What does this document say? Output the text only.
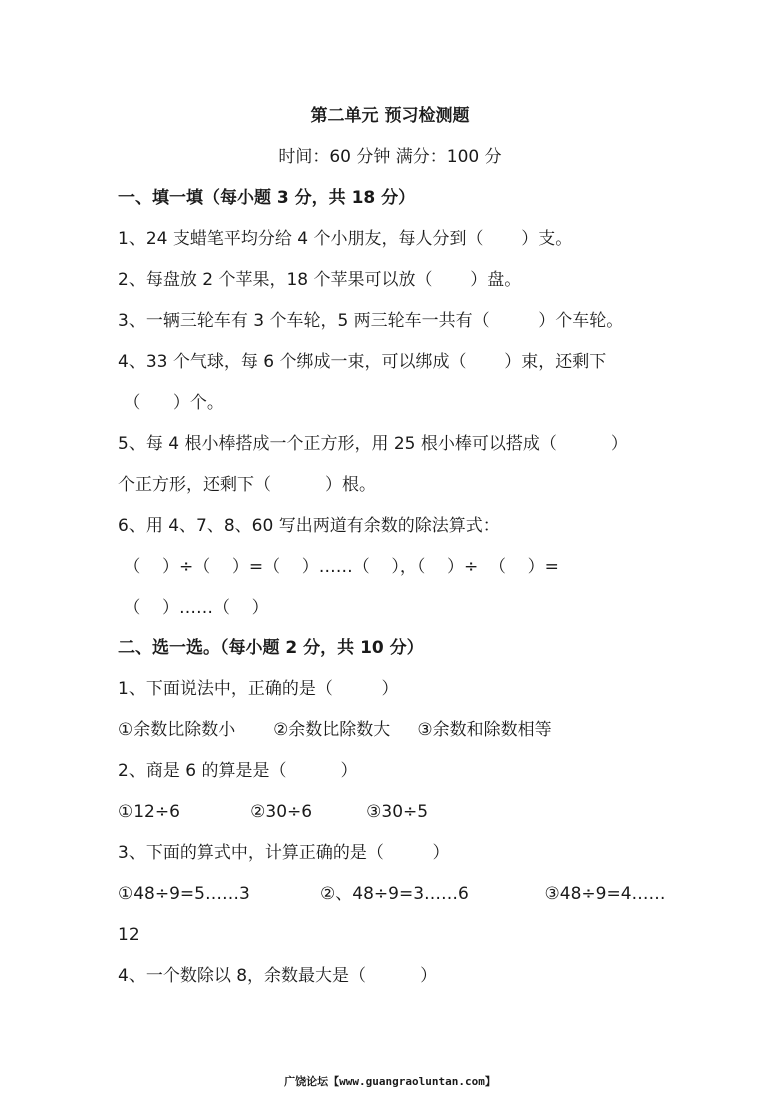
第二单元 预习检测题
时间：60 分钟 满分：100 分
一、填一填（每小题 3 分，共 18 分）
1、24 支蜡笔平均分给 4 个小朋友，每人分到（       ）支。
2、每盘放 2 个苹果，18 个苹果可以放（       ）盘。
3、一辆三轮车有 3 个车轮，5 两三轮车一共有（         ）个车轮。
4、33 个气球，每 6 个绑成一束，可以绑成（       ）束，还剩下
（      ）个。
5、每 4 根小棒搭成一个正方形，用 25 根小棒可以搭成（          ）
个正方形，还剩下（          ）根。
6、用 4、7、8、60 写出两道有余数的除法算式：
（    ）÷（    ）=（    ）……（    ），（    ）÷  （    ）=
（    ）……（    ）
二、选一选。（每小题 2 分，共 10 分）
1、下面说法中，正确的是（         ）
①余数比除数小       ②余数比除数大     ③余数和除数相等
2、商是 6 的算是是（          ）
①12÷6             ②30÷6          ③30÷5
3、下面的算式中，计算正确的是（         ）
①48÷9=5……3             ②、48÷9=3……6              ③48÷9=4……
12
4、一个数除以 8，余数最大是（          ）
广饶论坛【www.guangraoluntan.com】
